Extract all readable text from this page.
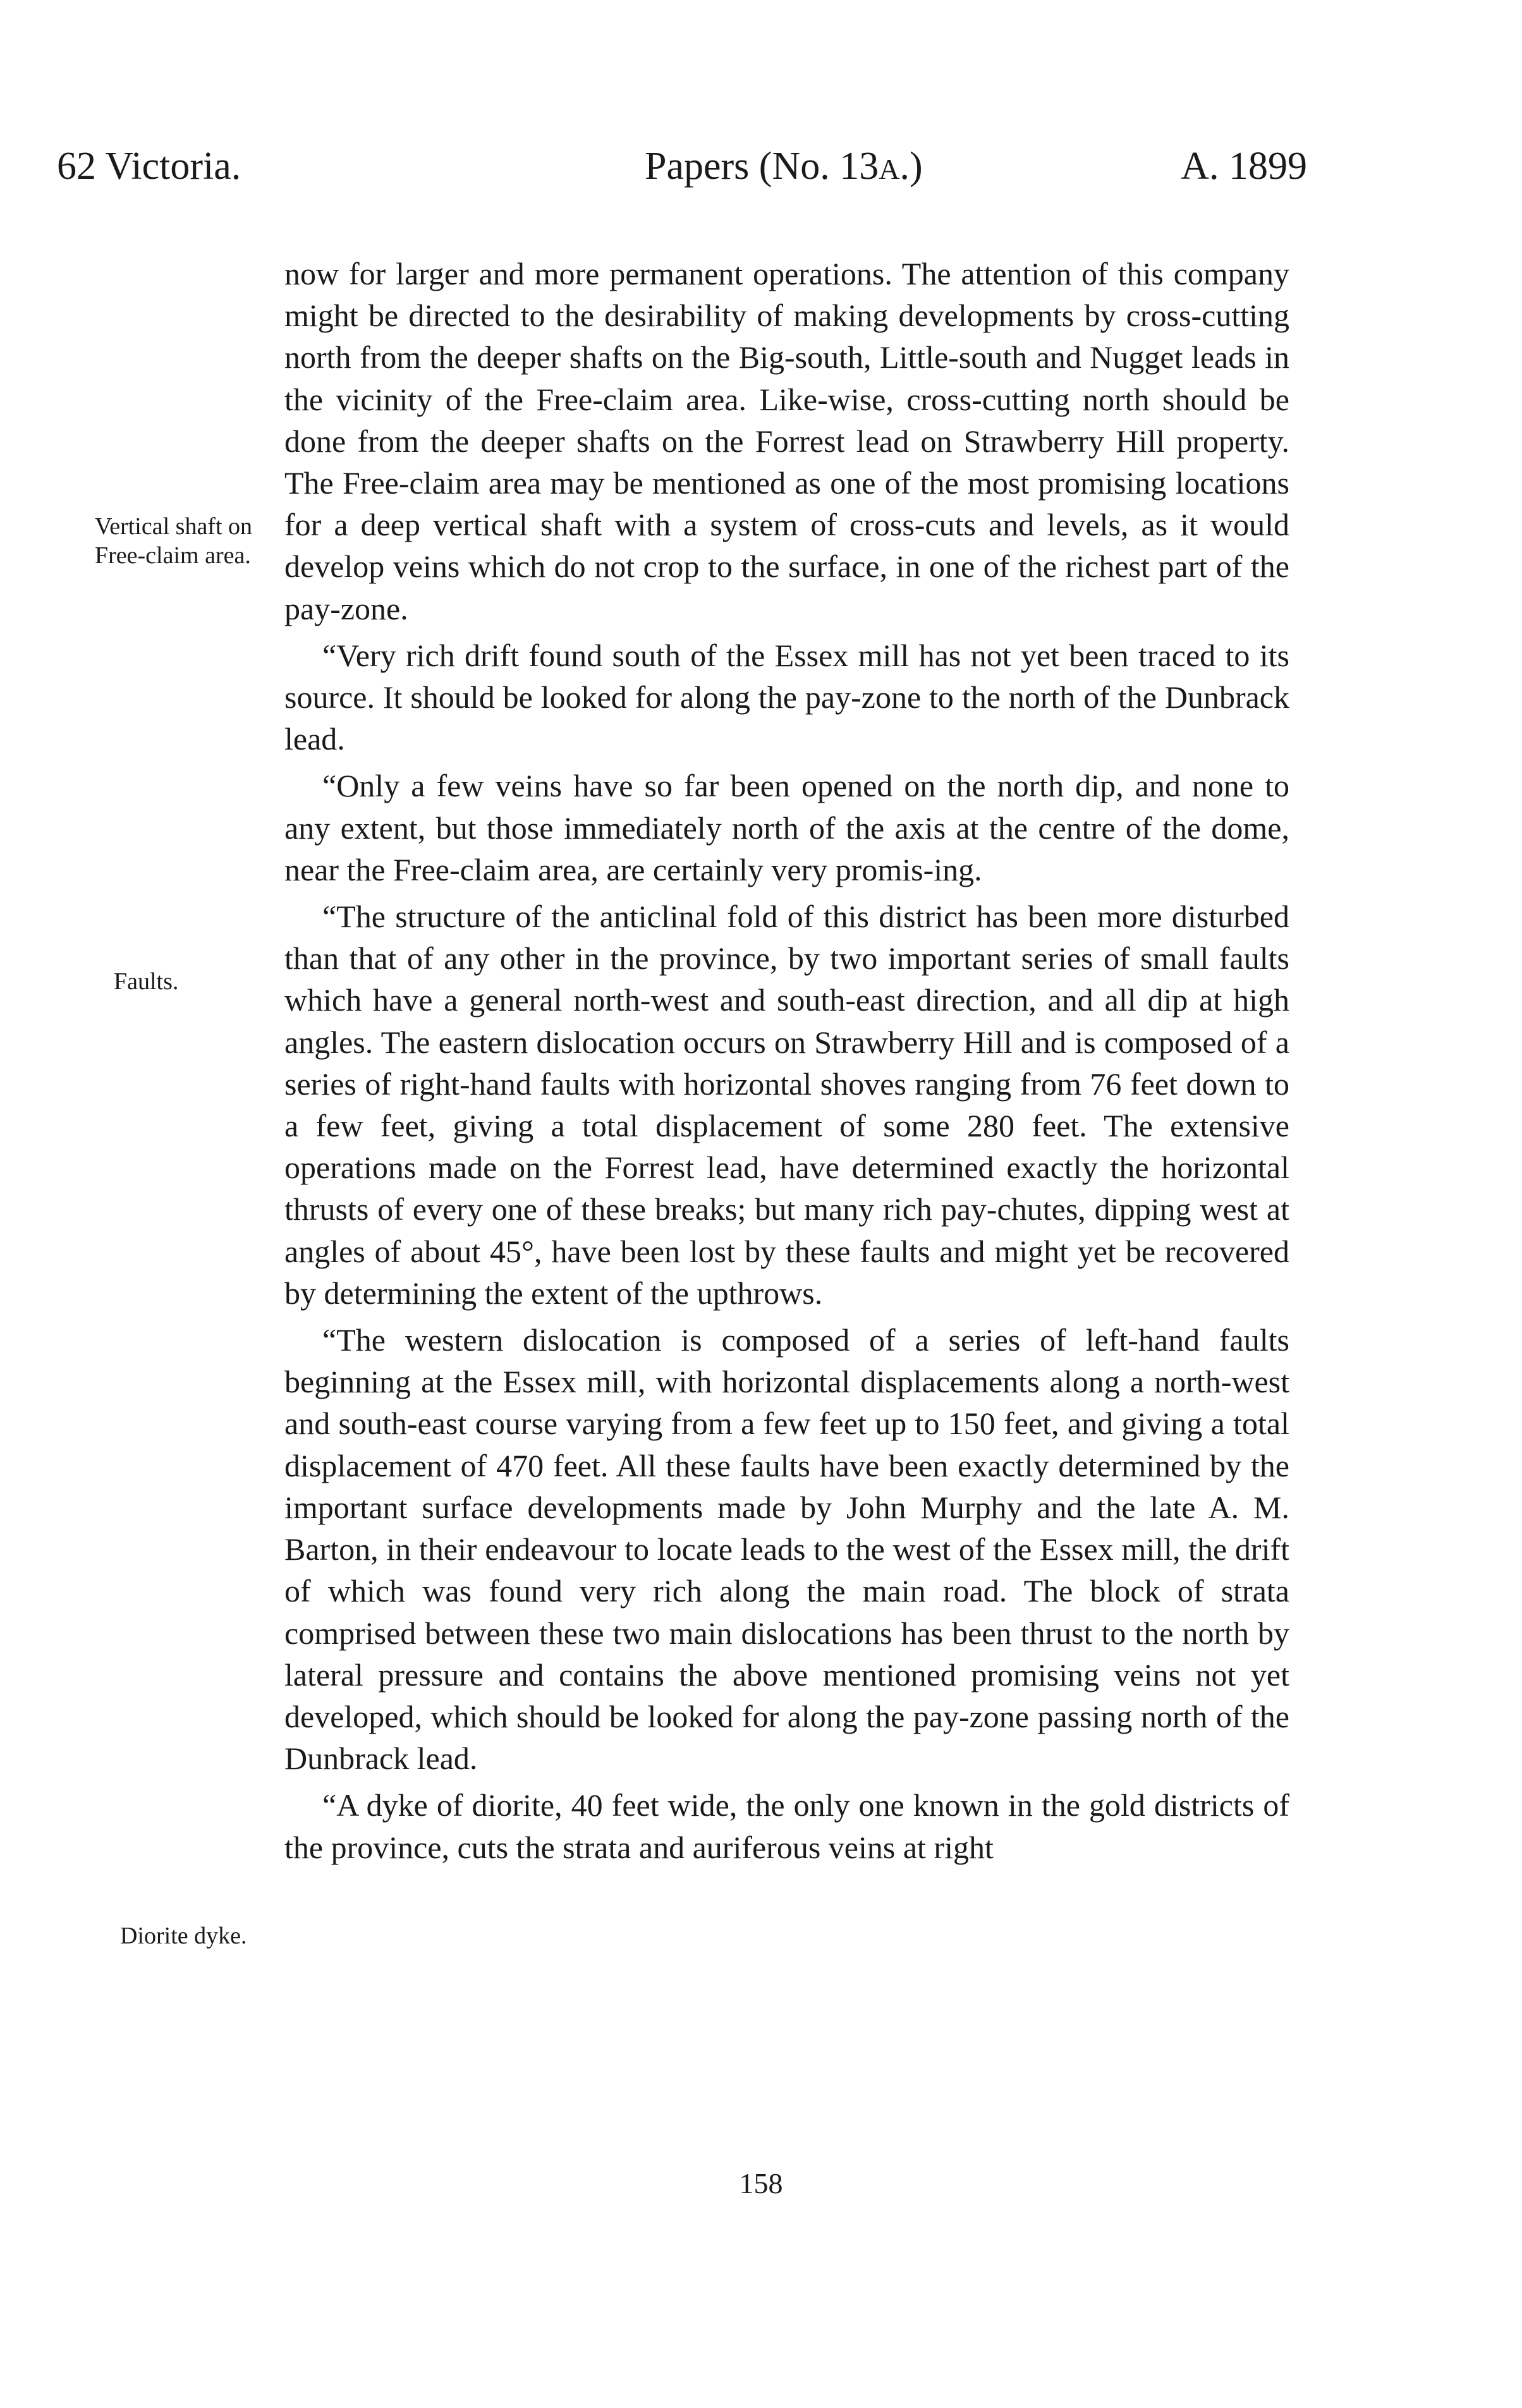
62 Victoria.	Papers (No. 13A.)	A. 1899
Vertical shaft on Free-claim area.
Faults.
Diorite dyke.

now for larger and more permanent operations. The attention of this company might be directed to the desirability of making developments by cross-cutting north from the deeper shafts on the Big-south, Little-south and Nugget leads in the vicinity of the Free-claim area. Like-wise, cross-cutting north should be done from the deeper shafts on the Forrest lead on Strawberry Hill property. The Free-claim area may be mentioned as one of the most promising locations for a deep vertical shaft with a system of cross-cuts and levels, as it would develop veins which do not crop to the surface, in one of the richest part of the pay-zone.

“Very rich drift found south of the Essex mill has not yet been traced to its source. It should be looked for along the pay-zone to the north of the Dunbrack lead.

“Only a few veins have so far been opened on the north dip, and none to any extent, but those immediately north of the axis at the centre of the dome, near the Free-claim area, are certainly very promis-ing.

“The structure of the anticlinal fold of this district has been more disturbed than that of any other in the province, by two important series of small faults which have a general north-west and south-east direction, and all dip at high angles. The eastern dislocation occurs on Strawberry Hill and is composed of a series of right-hand faults with horizontal shoves ranging from 76 feet down to a few feet, giving a total displacement of some 280 feet. The extensive operations made on the Forrest lead, have determined exactly the horizontal thrusts of every one of these breaks; but many rich pay-chutes, dipping west at angles of about 45°, have been lost by these faults and might yet be recovered by determining the extent of the upthrows.

“The western dislocation is composed of a series of left-hand faults beginning at the Essex mill, with horizontal displacements along a north-west and south-east course varying from a few feet up to 150 feet, and giving a total displacement of 470 feet. All these faults have been exactly determined by the important surface developments made by John Murphy and the late A. M. Barton, in their endeavour to locate leads to the west of the Essex mill, the drift of which was found very rich along the main road. The block of strata comprised between these two main dislocations has been thrust to the north by lateral pressure and contains the above mentioned promising veins not yet developed, which should be looked for along the pay-zone passing north of the Dunbrack lead.

“A dyke of diorite, 40 feet wide, the only one known in the gold districts of the province, cuts the strata and auriferous veins at right

158
